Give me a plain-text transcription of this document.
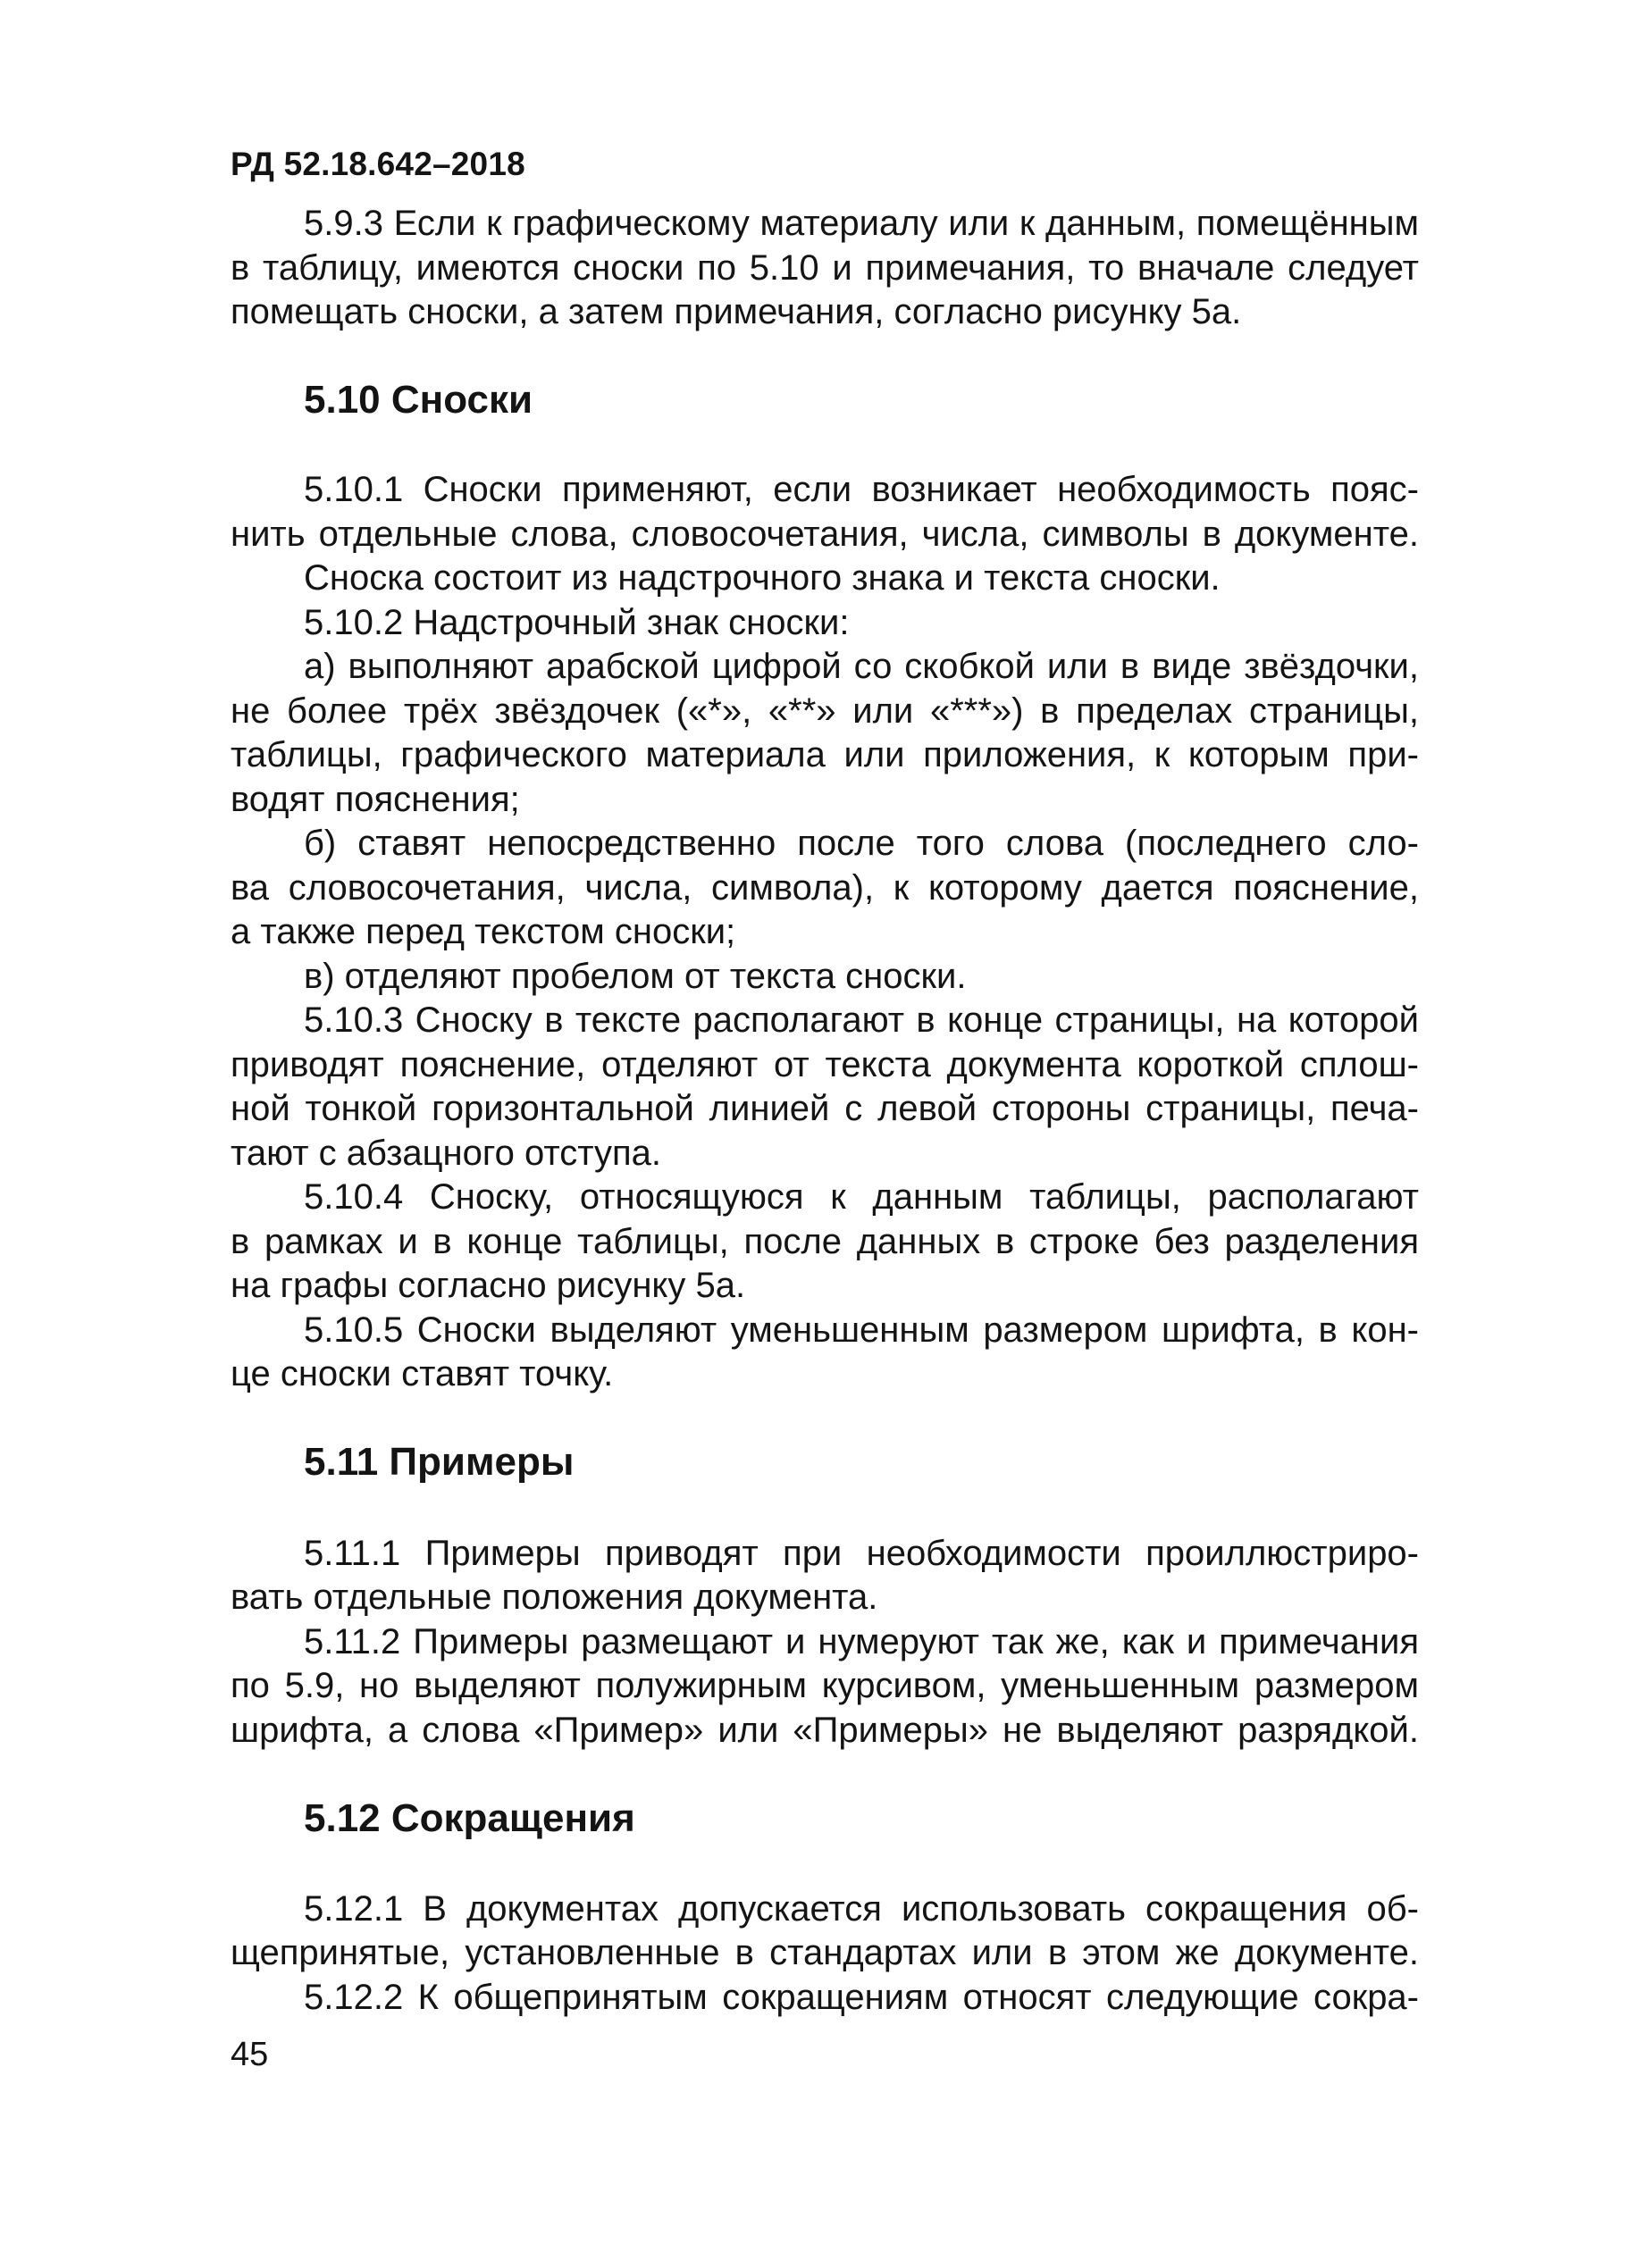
РД 52.18.642–2018
5.9.3 Если к графическому материалу или к данным, помещённым
в таблицу, имеются сноски по 5.10 и примечания, то вначале следует
помещать сноски, а затем примечания, согласно рисунку 5а.
5.10 Сноски
5.10.1 Сноски применяют, если возникает необходимость пояс-
нить отдельные слова, словосочетания, числа, символы в документе.
Сноска состоит из надстрочного знака и текста сноски.
5.10.2 Надстрочный знак сноски:
а) выполняют арабской цифрой со скобкой или в виде звёздочки,
не более трёх звёздочек («*», «**» или «***») в пределах страницы,
таблицы, графического материала или приложения, к которым при-
водят пояснения;
б) ставят непосредственно после того слова (последнего сло-
ва словосочетания, числа, символа), к которому дается пояснение,
а также перед текстом сноски;
в) отделяют пробелом от текста сноски.
5.10.3 Сноску в тексте располагают в конце страницы, на которой
приводят пояснение, отделяют от текста документа короткой сплош-
ной тонкой горизонтальной линией с левой стороны страницы, печа-
тают с абзацного отступа.
5.10.4 Сноску, относящуюся к данным таблицы, располагают
в рамках и в конце таблицы, после данных в строке без разделения
на графы согласно рисунку 5а.
5.10.5 Сноски выделяют уменьшенным размером шрифта, в кон-
це сноски ставят точку.
5.11 Примеры
5.11.1 Примеры приводят при необходимости проиллюстриро-
вать отдельные положения документа.
5.11.2 Примеры размещают и нумеруют так же, как и примечания
по 5.9, но выделяют полужирным курсивом, уменьшенным размером
шрифта, а слова «Пример» или «Примеры» не выделяют разрядкой.
5.12 Сокращения
5.12.1 В документах допускается использовать сокращения об-
щепринятые, установленные в стандартах или в этом же документе.
5.12.2 К общепринятым сокращениям относят следующие сокра-
45
